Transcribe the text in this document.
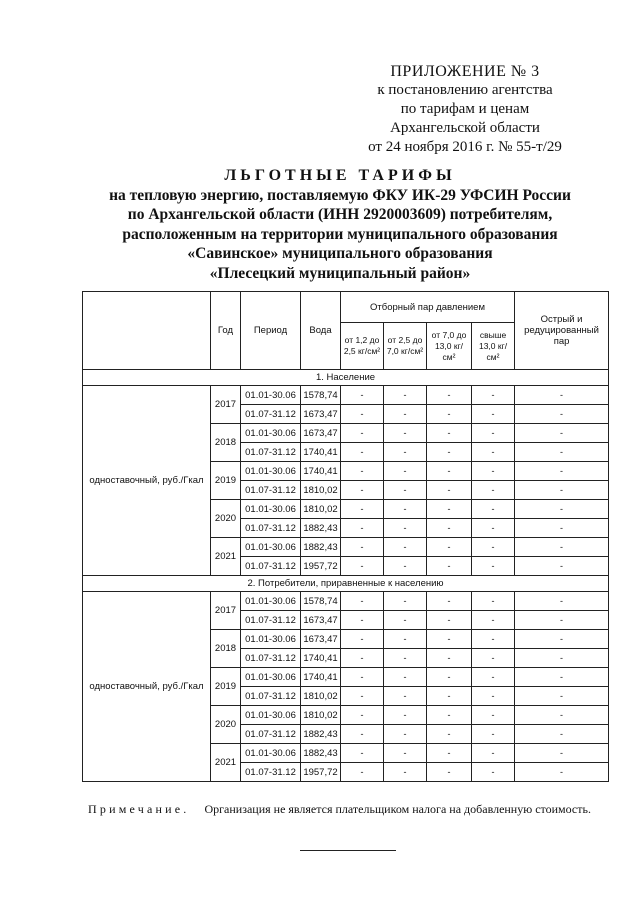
ПРИЛОЖЕНИЕ № 3
к постановлению агентства
по тарифам и ценам
Архангельской области
от 24 ноября 2016 г. № 55-т/29
ЛЬГОТНЫЕ ТАРИФЫ
на тепловую энергию, поставляемую ФКУ ИК-29 УФСИН России
по Архангельской области (ИНН 2920003609) потребителям,
расположенным на территории муниципального образования
«Савинское» муниципального образования
«Плесецкий муниципальный район»
	Год	Период	Вода	Отборный пар давлением				Острый и редуцированный пар
				от 1,2 до 2,5 кг/см²	от 2,5 до 7,0 кг/см²	от 7,0 до 13,0 кг/см²	свыше 13,0 кг/см²	
1. Население								
одноставочный, руб./Гкал	2017	01.01-30.06	1578,74	-	-	-	-	-
		01.07-31.12	1673,47	-	-	-	-	-
	2018	01.01-30.06	1673,47	-	-	-	-	-
		01.07-31.12	1740,41	-	-	-	-	-
	2019	01.01-30.06	1740,41	-	-	-	-	-
		01.07-31.12	1810,02	-	-	-	-	-
	2020	01.01-30.06	1810,02	-	-	-	-	-
		01.07-31.12	1882,43	-	-	-	-	-
	2021	01.01-30.06	1882,43	-	-	-	-	-
		01.07-31.12	1957,72	-	-	-	-	-
2. Потребители, приравненные к населению								
одноставочный, руб./Гкал	2017	01.01-30.06	1578,74	-	-	-	-	-
		01.07-31.12	1673,47	-	-	-	-	-
	2018	01.01-30.06	1673,47	-	-	-	-	-
		01.07-31.12	1740,41	-	-	-	-	-
	2019	01.01-30.06	1740,41	-	-	-	-	-
		01.07-31.12	1810,02	-	-	-	-	-
	2020	01.01-30.06	1810,02	-	-	-	-	-
		01.07-31.12	1882,43	-	-	-	-	-
	2021	01.01-30.06	1882,43	-	-	-	-	-
		01.07-31.12	1957,72	-	-	-	-	-
Примечание. Организация не является плательщиком налога на добавленную стоимость.
